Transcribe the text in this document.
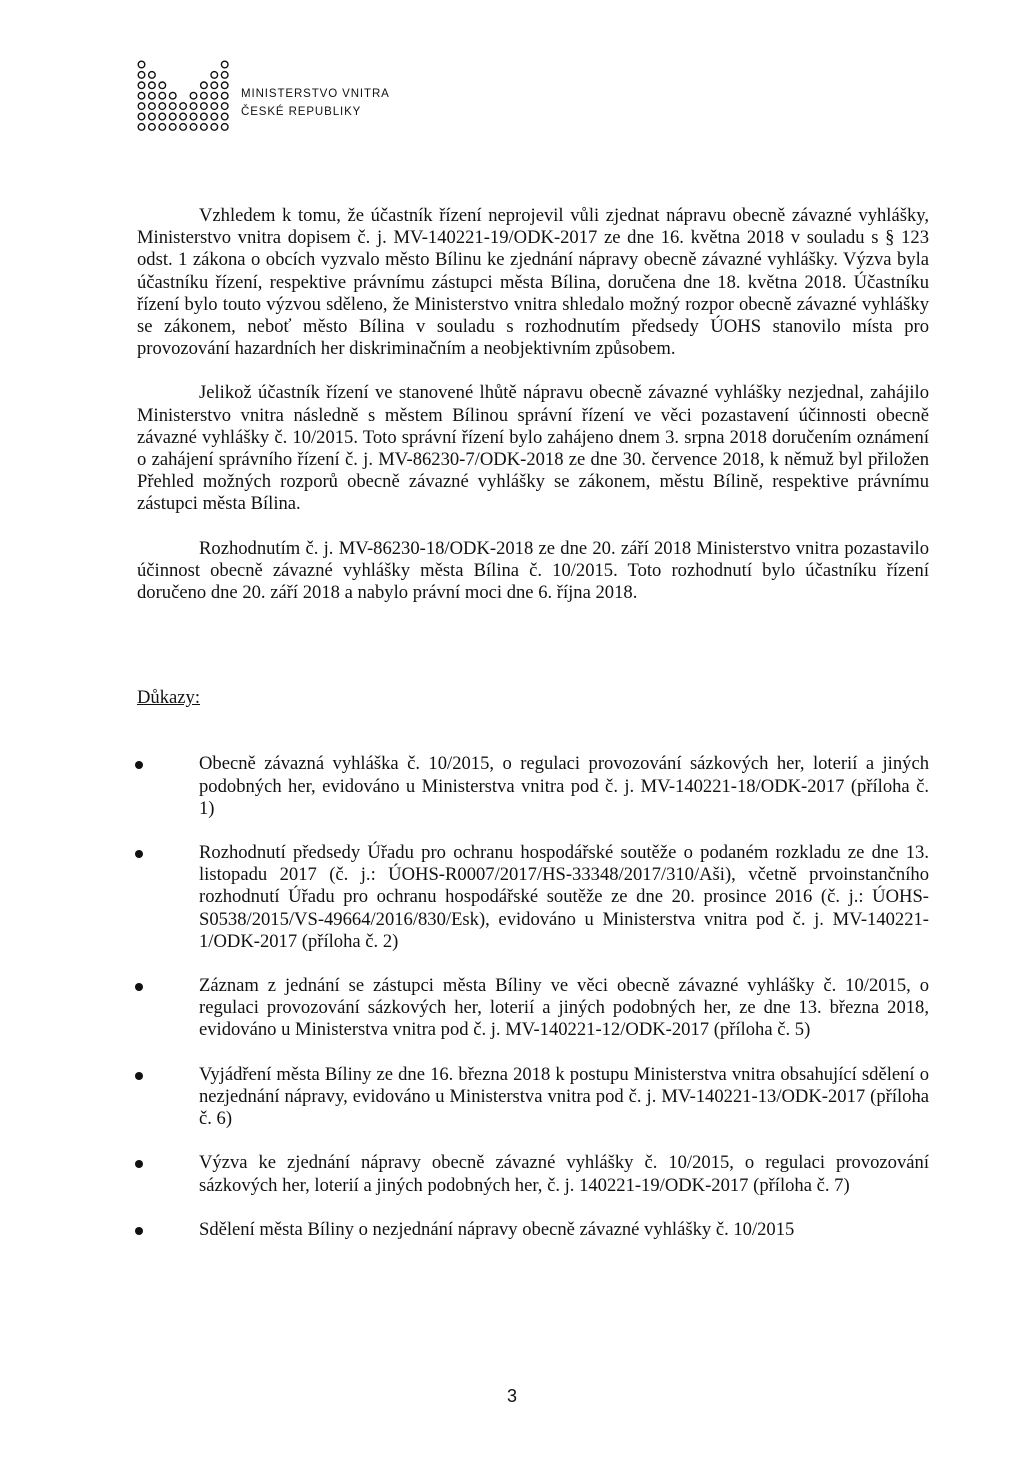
MINISTERSTVO VNITRA
ČESKÉ REPUBLIKY

Vzhledem k tomu, že účastník řízení neprojevil vůli zjednat nápravu obecně závazné vyhlášky, Ministerstvo vnitra dopisem č. j. MV-140221-19/ODK-2017 ze dne 16. května 2018 v souladu s § 123 odst. 1 zákona o obcích vyzvalo město Bílinu ke zjednání nápravy obecně závazné vyhlášky. Výzva byla účastníku řízení, respektive právnímu zástupci města Bílina, doručena dne 18. května 2018. Účastníku řízení bylo touto výzvou sděleno, že Ministerstvo vnitra shledalo možný rozpor obecně závazné vyhlášky se zákonem, neboť město Bílina v souladu s rozhodnutím předsedy ÚOHS stanovilo místa pro provozování hazardních her diskriminačním a neobjektivním způsobem.

Jelikož účastník řízení ve stanovené lhůtě nápravu obecně závazné vyhlášky nezjednal, zahájilo Ministerstvo vnitra následně s městem Bílinou správní řízení ve věci pozastavení účinnosti obecně závazné vyhlášky č. 10/2015. Toto správní řízení bylo zahájeno dnem 3. srpna 2018 doručením oznámení o zahájení správního řízení č. j. MV-86230-7/ODK-2018 ze dne 30. července 2018, k němuž byl přiložen Přehled možných rozporů obecně závazné vyhlášky se zákonem, městu Bílině, respektive právnímu zástupci města Bílina.

Rozhodnutím č. j. MV-86230-18/ODK-2018 ze dne 20. září 2018 Ministerstvo vnitra pozastavilo účinnost obecně závazné vyhlášky města Bílina č. 10/2015. Toto rozhodnutí bylo účastníku řízení doručeno dne 20. září 2018 a nabylo právní moci dne 6. října 2018.

Důkazy:

Obecně závazná vyhláška č. 10/2015, o regulaci provozování sázkových her, loterií a jiných podobných her, evidováno u Ministerstva vnitra pod č. j. MV-140221-18/ODK-2017 (příloha č. 1)
Rozhodnutí předsedy Úřadu pro ochranu hospodářské soutěže o podaném rozkladu ze dne 13. listopadu 2017 (č. j.: ÚOHS-R0007/2017/HS-33348/2017/310/Aši), včetně prvoinstančního rozhodnutí Úřadu pro ochranu hospodářské soutěže ze dne 20. prosince 2016 (č. j.: ÚOHS-S0538/2015/VS-49664/2016/830/Esk), evidováno u Ministerstva vnitra pod č. j. MV-140221-1/ODK-2017 (příloha č. 2)
Záznam z jednání se zástupci města Bíliny ve věci obecně závazné vyhlášky č. 10/2015, o regulaci provozování sázkových her, loterií a jiných podobných her, ze dne 13. března 2018, evidováno u Ministerstva vnitra pod č. j. MV-140221-12/ODK-2017 (příloha č. 5)
Vyjádření města Bíliny ze dne 16. března 2018 k postupu Ministerstva vnitra obsahující sdělení o nezjednání nápravy, evidováno u Ministerstva vnitra pod č. j. MV-140221-13/ODK-2017 (příloha č. 6)
Výzva ke zjednání nápravy obecně závazné vyhlášky č. 10/2015, o regulaci provozování sázkových her, loterií a jiných podobných her, č. j. 140221-19/ODK-2017 (příloha č. 7)
Sdělení města Bíliny o nezjednání nápravy obecně závazné vyhlášky č. 10/2015
3
